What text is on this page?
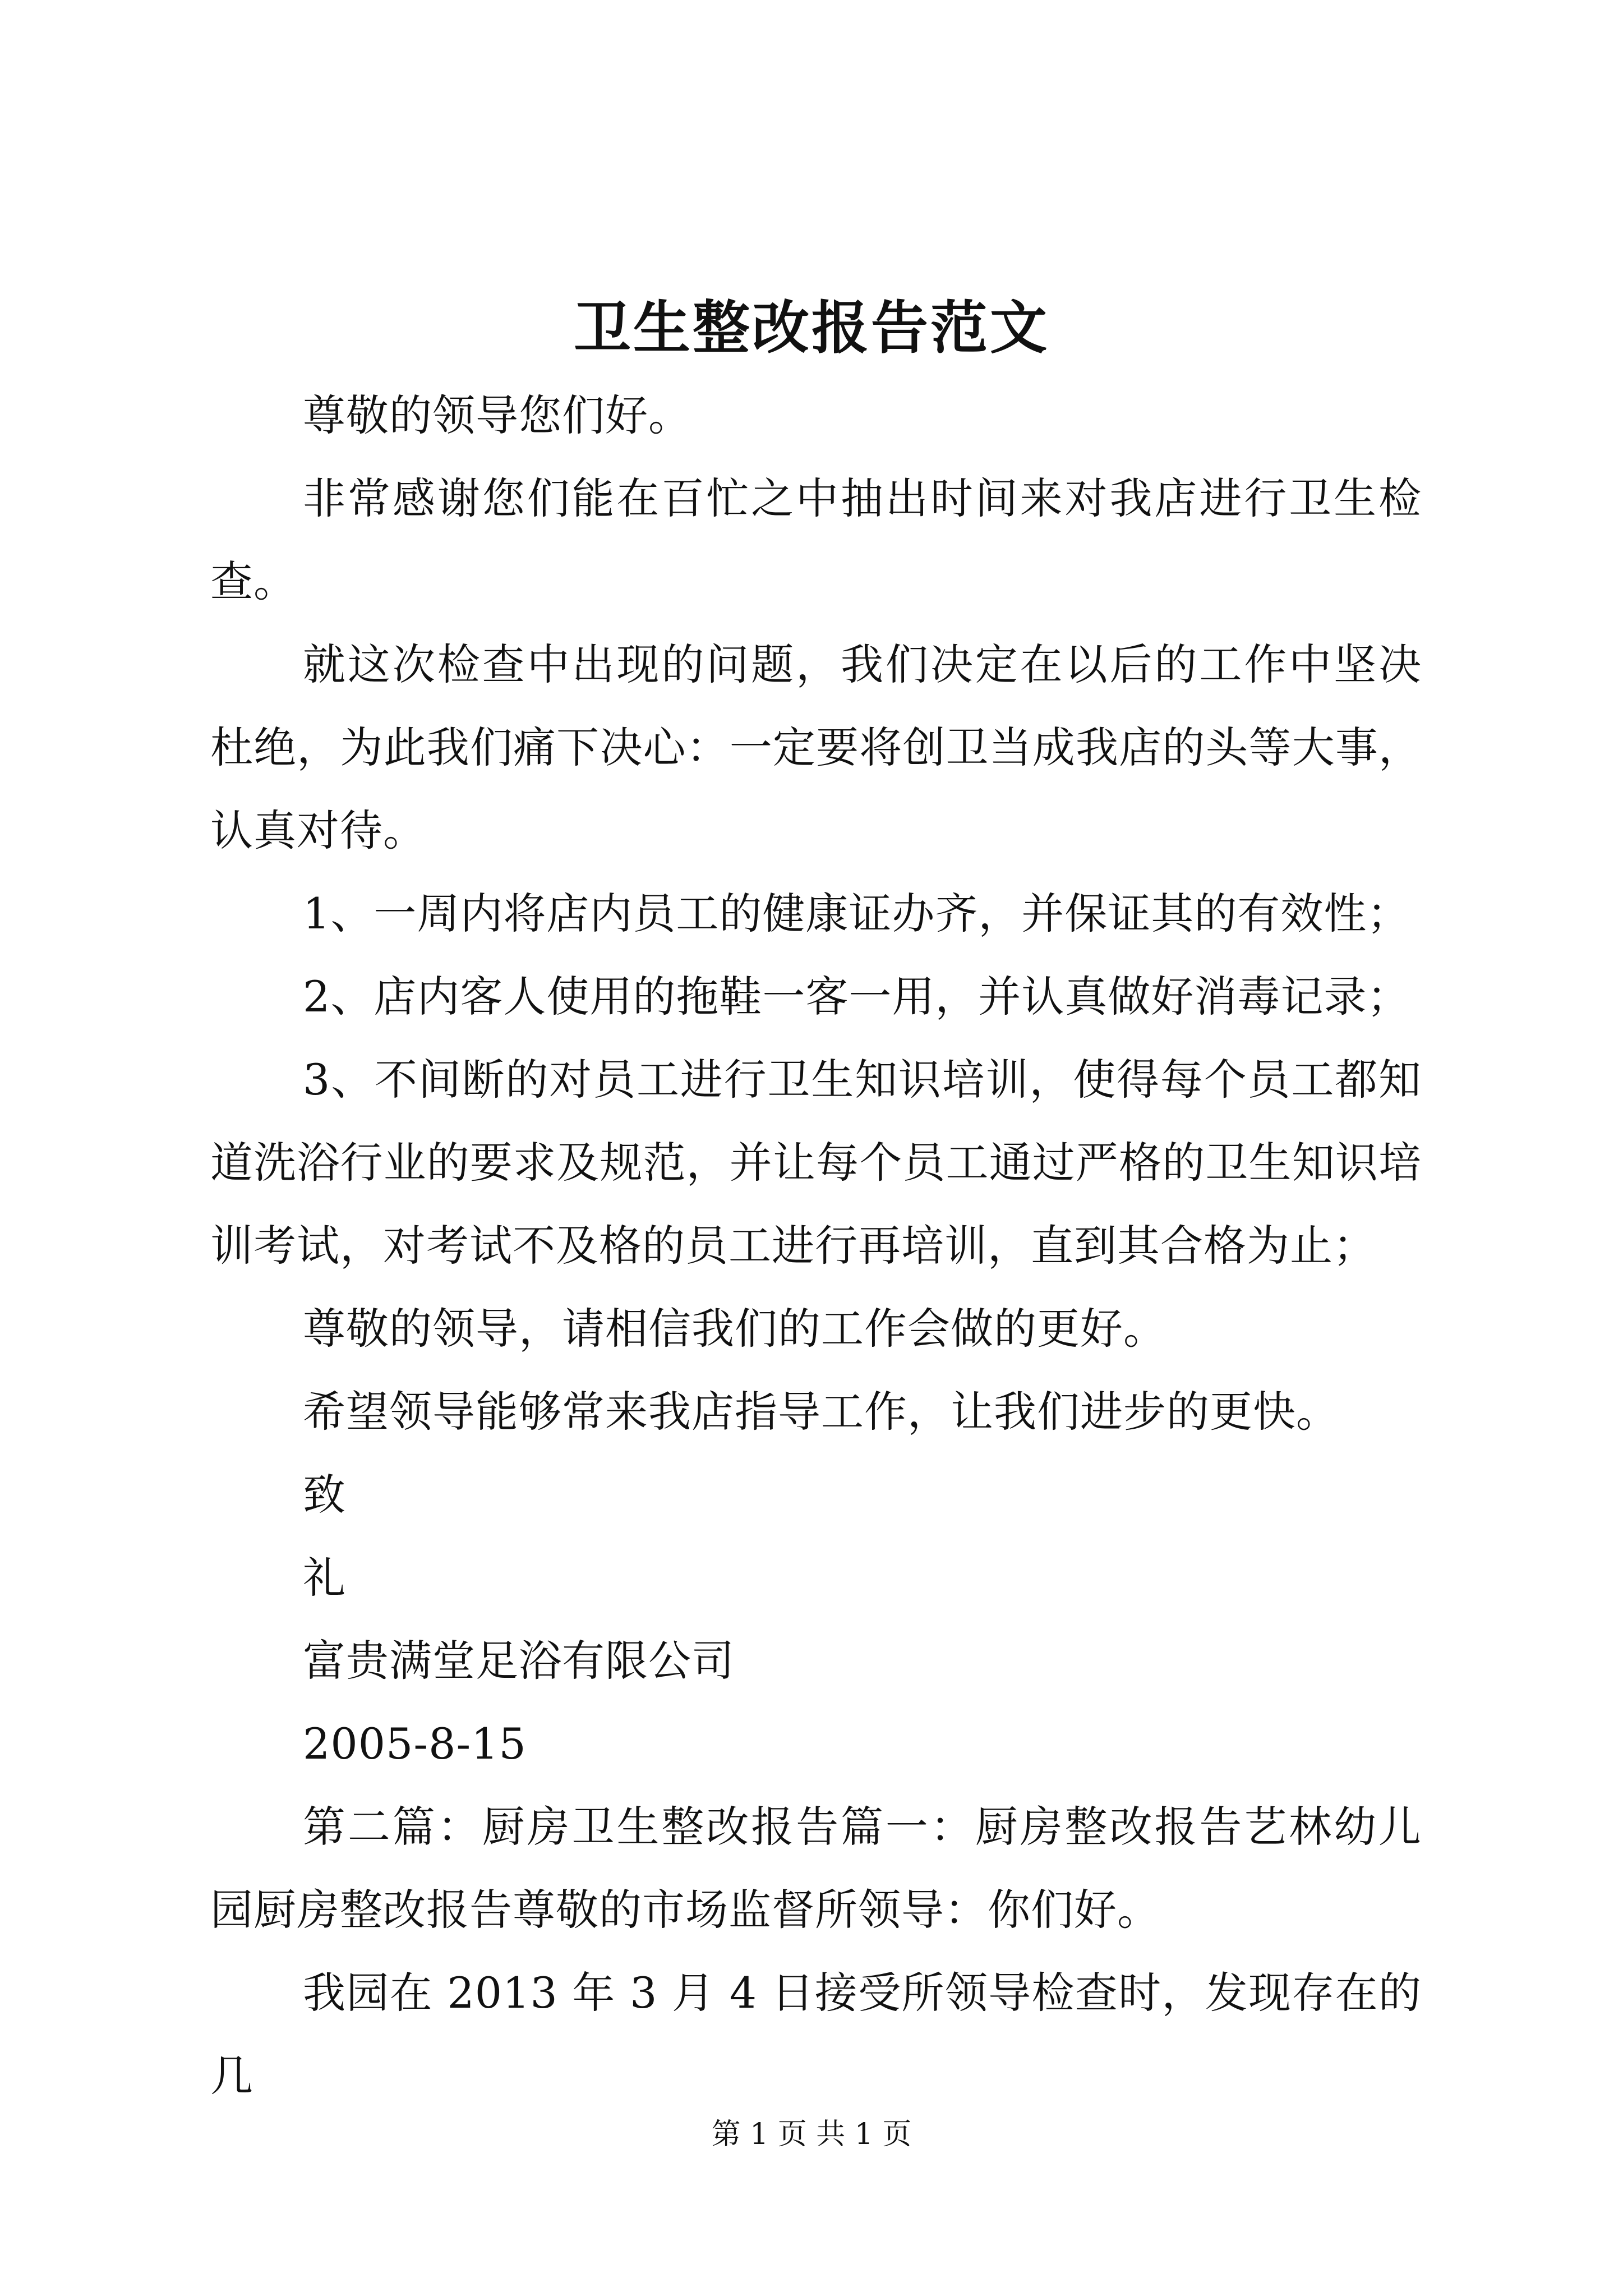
卫生整改报告范文

尊敬的领导您们好。

非常感谢您们能在百忙之中抽出时间来对我店进行卫生检查。

就这次检查中出现的问题，我们决定在以后的工作中坚决杜绝，为此我们痛下决心：一定要将创卫当成我店的头等大事，认真对待。

1、一周内将店内员工的健康证办齐，并保证其的有效性；

2、店内客人使用的拖鞋一客一用，并认真做好消毒记录；

3、不间断的对员工进行卫生知识培训，使得每个员工都知道洗浴行业的要求及规范，并让每个员工通过严格的卫生知识培训考试，对考试不及格的员工进行再培训，直到其合格为止；

尊敬的领导，请相信我们的工作会做的更好。

希望领导能够常来我店指导工作，让我们进步的更快。

致

礼

富贵满堂足浴有限公司

2005-8-15

第二篇：厨房卫生整改报告篇一：厨房整改报告艺林幼儿园厨房整改报告尊敬的市场监督所领导：你们好。

我园在 2013 年 3 月 4 日接受所领导检查时，发现存在的几

第 1 页 共 1 页
